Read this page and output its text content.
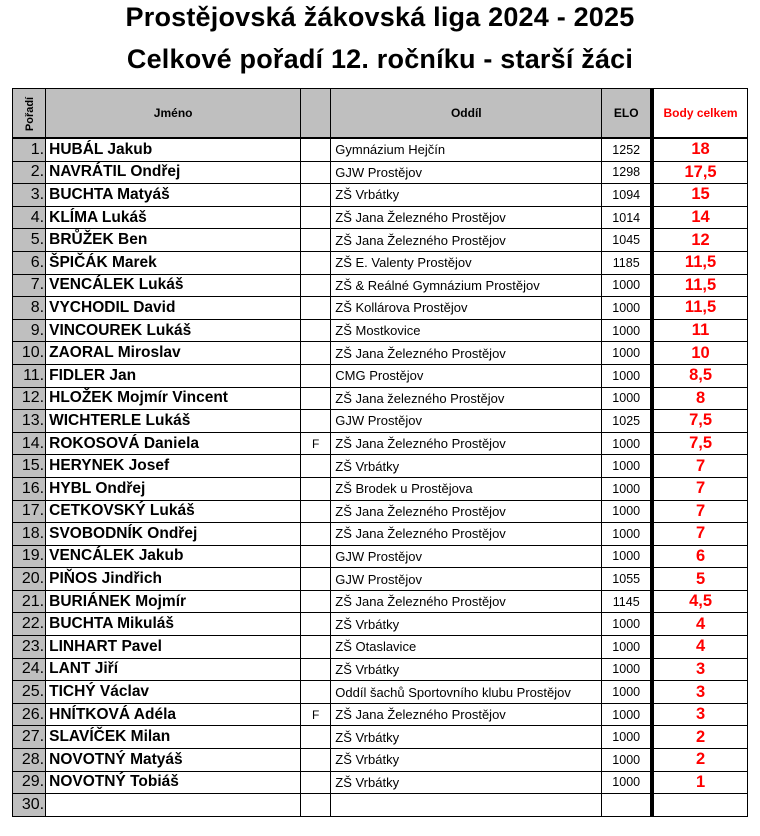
Prostějovská žákovská liga 2024 - 2025
Celkové pořadí 12. ročníku - starší žáci
Pořadí	Jméno		Oddíl	ELO	Body celkem
1.	HUBÁL Jakub		Gymnázium Hejčín	1252	18
2.	NAVRÁTIL Ondřej		GJW Prostějov	1298	17,5
3.	BUCHTA Matyáš		ZŠ Vrbátky	1094	15
4.	KLÍMA Lukáš		ZŠ Jana Železného Prostějov	1014	14
5.	BRŮŽEK Ben		ZŠ Jana Železného Prostějov	1045	12
6.	ŠPIČÁK Marek		ZŠ E. Valenty Prostějov	1185	11,5
7.	VENCÁLEK Lukáš		ZŠ & Reálné Gymnázium Prostějov	1000	11,5
8.	VYCHODIL David		ZŠ Kollárova Prostějov	1000	11,5
9.	VINCOUREK Lukáš		ZŠ Mostkovice	1000	11
10.	ZAORAL Miroslav		ZŠ Jana Železného Prostějov	1000	10
11.	FIDLER Jan		CMG Prostějov	1000	8,5
12.	HLOŽEK Mojmír Vincent		ZŠ Jana železného Prostějov	1000	8
13.	WICHTERLE Lukáš		GJW Prostějov	1025	7,5
14.	ROKOSOVÁ Daniela	F	ZŠ Jana Železného Prostějov	1000	7,5
15.	HERYNEK Josef		ZŠ Vrbátky	1000	7
16.	HYBL Ondřej		ZŠ Brodek u Prostějova	1000	7
17.	CETKOVSKÝ Lukáš		ZŠ Jana Železného Prostějov	1000	7
18.	SVOBODNÍK Ondřej		ZŠ Jana Železného Prostějov	1000	7
19.	VENCÁLEK Jakub		GJW Prostějov	1000	6
20.	PIŇOS Jindřich		GJW Prostějov	1055	5
21.	BURIÁNEK Mojmír		ZŠ Jana Železného Prostějov	1145	4,5
22.	BUCHTA Mikuláš		ZŠ Vrbátky	1000	4
23.	LINHART Pavel		ZŠ Otaslavice	1000	4
24.	LANT Jiří		ZŠ Vrbátky	1000	3
25.	TICHÝ Václav		Oddíl šachů Sportovního klubu Prostějov	1000	3
26.	HNÍTKOVÁ Adéla	F	ZŠ Jana Železného Prostějov	1000	3
27.	SLAVÍČEK Milan		ZŠ Vrbátky	1000	2
28.	NOVOTNÝ Matyáš		ZŠ Vrbátky	1000	2
29.	NOVOTNÝ Tobiáš		ZŠ Vrbátky	1000	1
30.					
